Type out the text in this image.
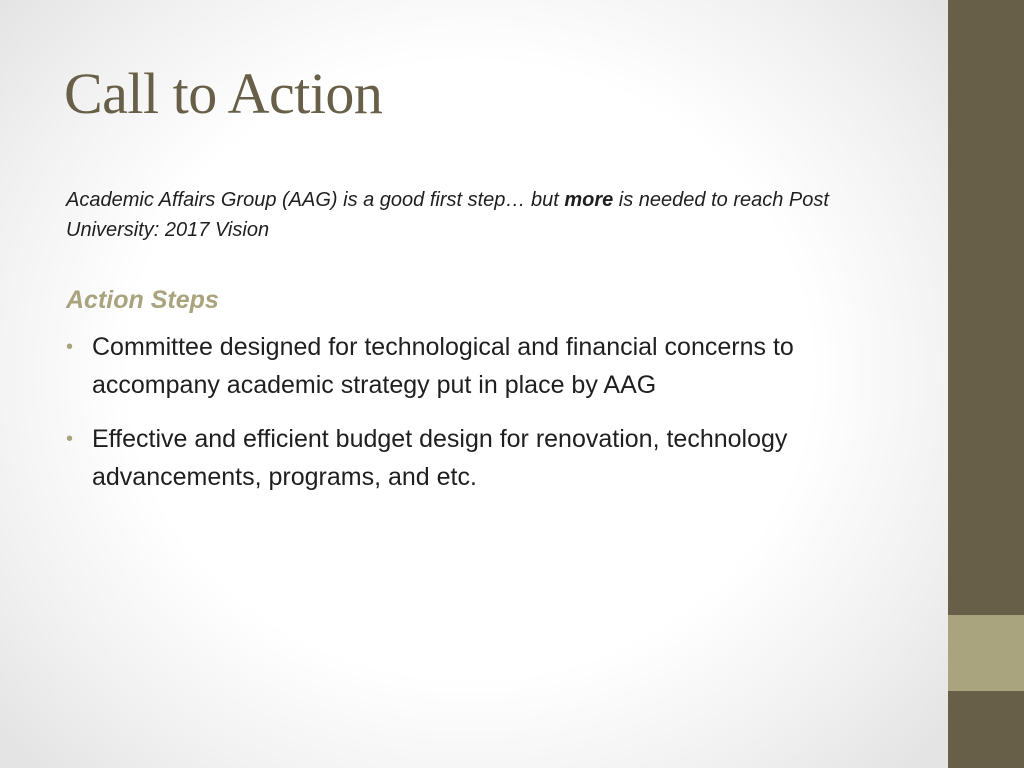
Call to Action

Academic Affairs Group (AAG) is a good first step… but more is needed to reach Post University: 2017 Vision

Action Steps
• Committee designed for technological and financial concerns to accompany academic strategy put in place by AAG
• Effective and efficient budget design for renovation, technology advancements, programs, and etc.
